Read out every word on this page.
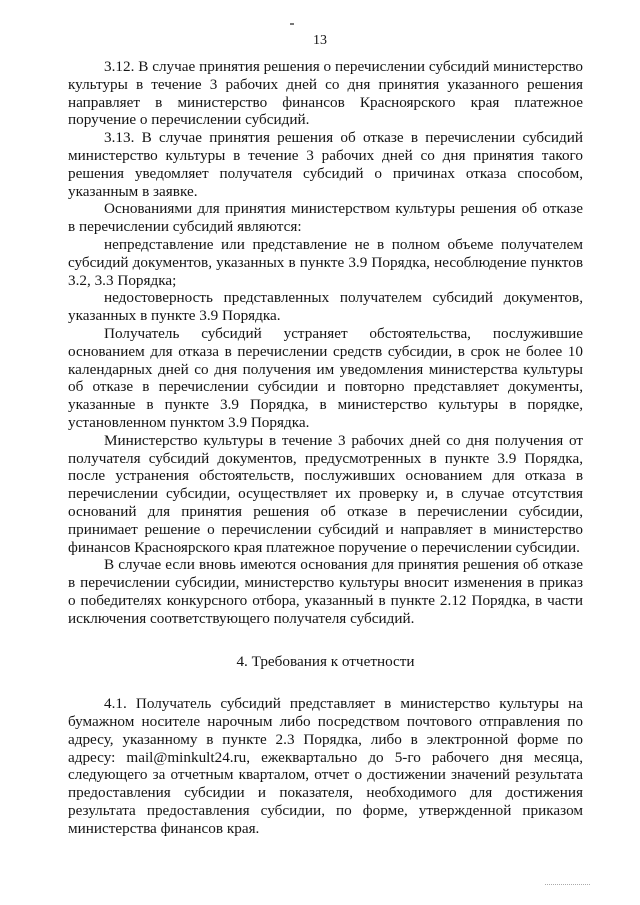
13

3.12. В случае принятия решения о перечислении субсидий министерство культуры в течение 3 рабочих дней со дня принятия указанного решения направляет в министерство финансов Красноярского края платежное поручение о перечислении субсидий.

3.13. В случае принятия решения об отказе в перечислении субсидий министерство культуры в течение 3 рабочих дней со дня принятия такого решения уведомляет получателя субсидий о причинах отказа способом, указанным в заявке.

Основаниями для принятия министерством культуры решения об отказе в перечислении субсидий являются:

непредставление или представление не в полном объеме получателем субсидий документов, указанных в пункте 3.9 Порядка, несоблюдение пунктов 3.2, 3.3 Порядка;

недостоверность представленных получателем субсидий документов, указанных в пункте 3.9 Порядка.

Получатель субсидий устраняет обстоятельства, послужившие основанием для отказа в перечислении средств субсидии, в срок не более 10 календарных дней со дня получения им уведомления министерства культуры об отказе в перечислении субсидии и повторно представляет документы, указанные в пункте 3.9 Порядка, в министерство культуры в порядке, установленном пунктом 3.9 Порядка.

Министерство культуры в течение 3 рабочих дней со дня получения от получателя субсидий документов, предусмотренных в пункте 3.9 Порядка, после устранения обстоятельств, послуживших основанием для отказа в перечислении субсидии, осуществляет их проверку и, в случае отсутствия оснований для принятия решения об отказе в перечислении субсидии, принимает решение о перечислении субсидий и направляет в министерство финансов Красноярского края платежное поручение о перечислении субсидии.

В случае если вновь имеются основания для принятия решения об отказе в перечислении субсидии, министерство культуры вносит изменения в приказ о победителях конкурсного отбора, указанный в пункте 2.12 Порядка, в части исключения соответствующего получателя субсидий.

4. Требования к отчетности

4.1. Получатель субсидий представляет в министерство культуры на бумажном носителе нарочным либо посредством почтового отправления по адресу, указанному в пункте 2.3 Порядка, либо в электронной форме по адресу: mail@minkult24.ru, ежеквартально до 5-го рабочего дня месяца, следующего за отчетным кварталом, отчет о достижении значений результата предоставления субсидии и показателя, необходимого для достижения результата предоставления субсидии, по форме, утвержденной приказом министерства финансов края.
